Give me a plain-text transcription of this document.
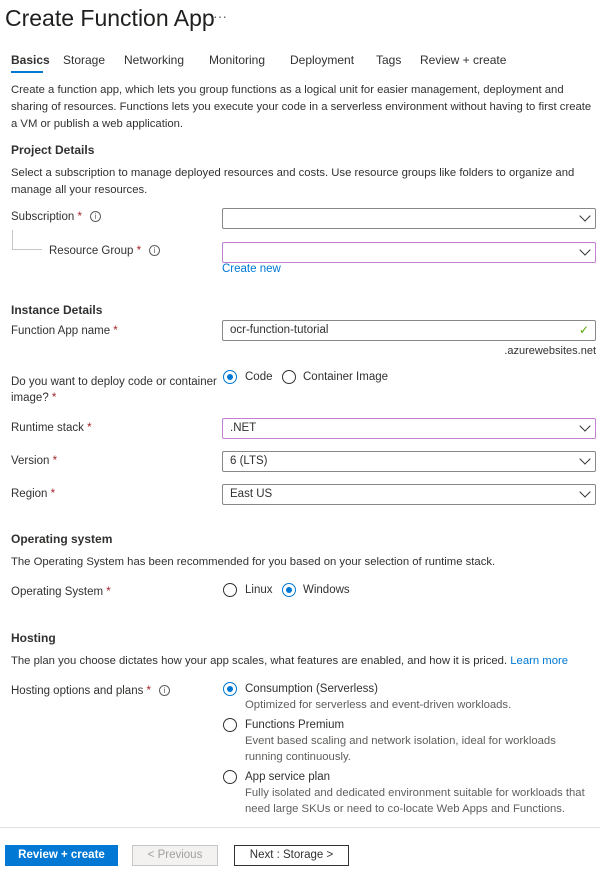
Create Function App
···
Basics Storage Networking Monitoring Deployment Tags Review + create
Create a function app, which lets you group functions as a logical unit for easier management, deployment and sharing of resources. Functions lets you execute your code in a serverless environment without having to first create a VM or publish a web application.
Project Details
Select a subscription to manage deployed resources and costs. Use resource groups like folders to organize and manage all your resources.
Subscription * i
Resource Group * i
Create new
Instance Details
Function App name *	ocr-function-tutorial	✓
.azurewebsites.net
Do you want to deploy code or container image? *
Code	Container Image
Runtime stack *	.NET
Version *	6 (LTS)
Region *	East US
Operating system
The Operating System has been recommended for you based on your selection of runtime stack.
Operating System *	Linux	Windows
Hosting
The plan you choose dictates how your app scales, what features are enabled, and how it is priced. Learn more
Hosting options and plans * i	Consumption (Serverless)
Optimized for serverless and event-driven workloads.
Functions Premium
Event based scaling and network isolation, ideal for workloads running continuously.
App service plan
Fully isolated and dedicated environment suitable for workloads that need large SKUs or need to co-locate Web Apps and Functions.
Review + create	< Previous	Next : Storage >
